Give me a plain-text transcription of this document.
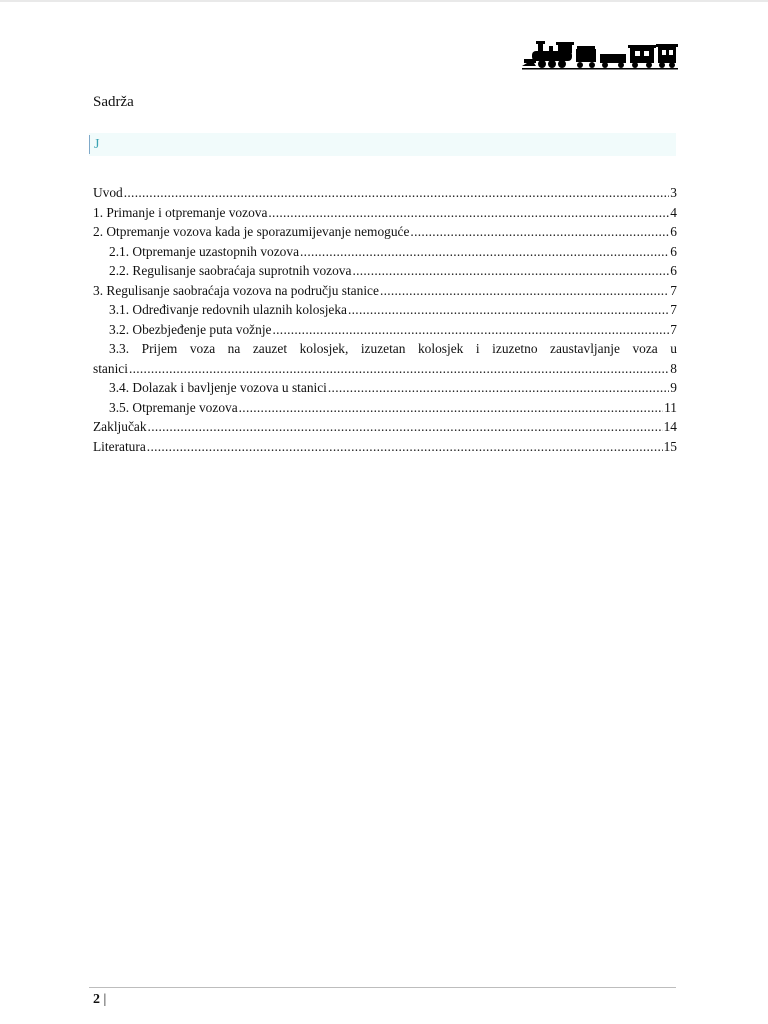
Sadrža
J
Uvod .....	3
1. Primanje i otpremanje vozova .....	4
2. Otpremanje vozova kada je sporazumijevanje nemoguće .....	6
2.1. Otpremanje uzastopnih vozova .....	6
2.2. Regulisanje saobraćaja suprotnih vozova .....	6
3. Regulisanje saobraćaja vozova na području stanice .....	7
3.1. Određivanje redovnih ulaznih kolosjeka .....	7
3.2. Obezbjeđenje puta vožnje .....	7
3.3. Prijem voza na zauzet kolosjek, izuzetan kolosjek i izuzetno zaustavljanje voza u
stanici .....	8
3.4. Dolazak i bavljenje vozova u stanici .....	9
3.5. Otpremanje vozova .....	11
Zaključak .....	14
Literatura .....	15
2 |
